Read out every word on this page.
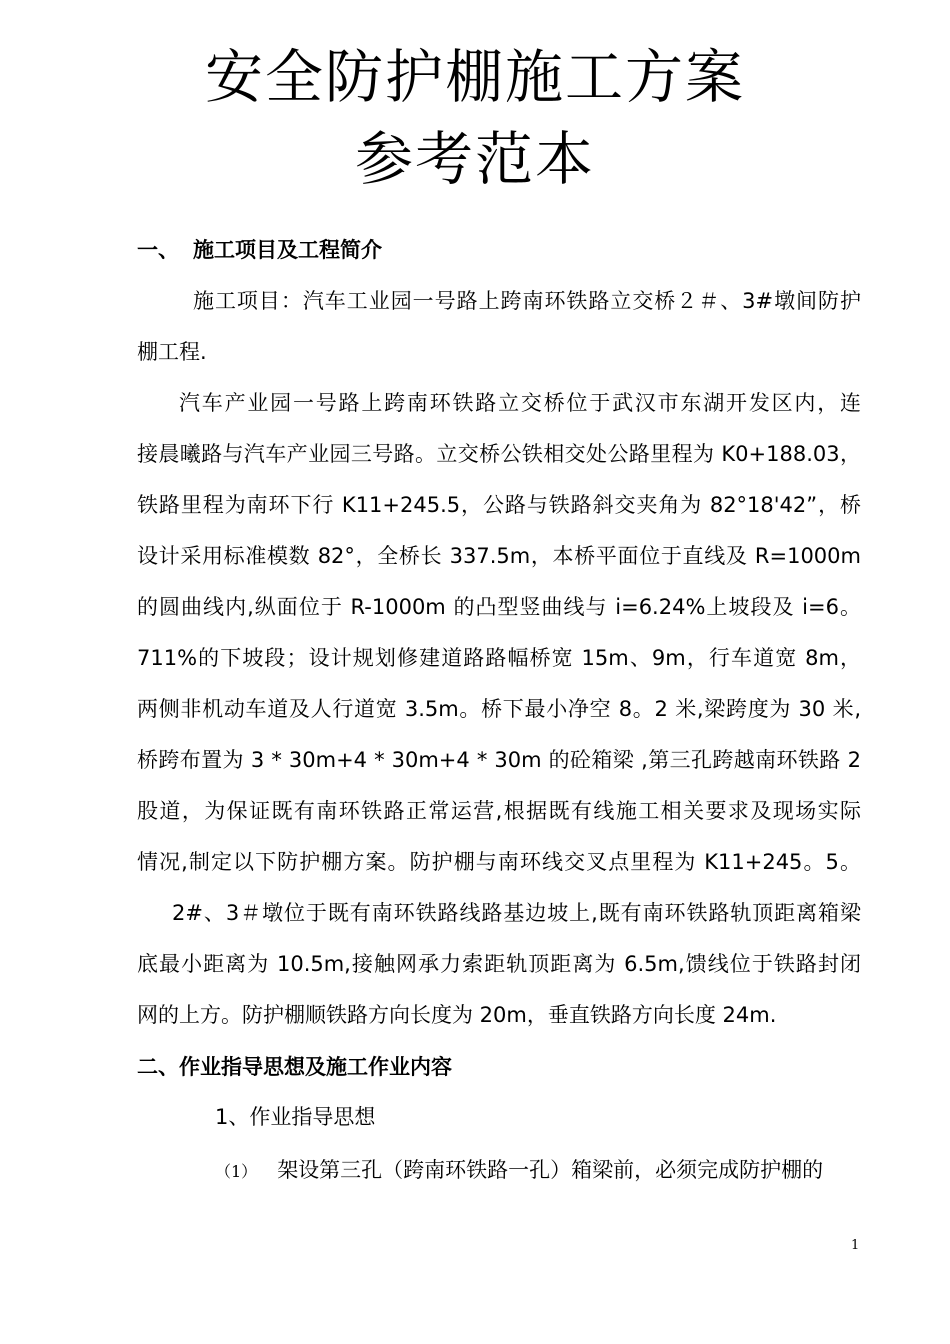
安全防护棚施工方案
参考范本
一、 施工项目及工程简介
施工项目：汽车工业园一号路上跨南环铁路立交桥２＃、3#墩间防护
棚工程.
汽车产业园一号路上跨南环铁路立交桥位于武汉市东湖开发区内，连
接晨曦路与汽车产业园三号路。立交桥公铁相交处公路里程为 K0+188.03，
铁路里程为南环下行 K11+245.5，公路与铁路斜交夹角为 82°18'42”，桥
设计采用标准模数 82°，全桥长 337.5m，本桥平面位于直线及 R=1000m
的圆曲线内,纵面位于 R-1000m 的凸型竖曲线与 i=6.24%上坡段及 i=6。
711%的下坡段；设计规划修建道路路幅桥宽 15m、9m，行车道宽 8m，
两侧非机动车道及人行道宽 3.5m。桥下最小净空 8。2 米,梁跨度为 30 米,
桥跨布置为 3 * 30m+4 * 30m+4 * 30m 的砼箱梁 ,第三孔跨越南环铁路 2
股道，为保证既有南环铁路正常运营,根据既有线施工相关要求及现场实际
情况,制定以下防护棚方案。防护棚与南环线交叉点里程为 K11+245。5。
2#、3＃墩位于既有南环铁路线路基边坡上,既有南环铁路轨顶距离箱梁
底最小距离为 10.5m,接触网承力索距轨顶距离为 6.5m,馈线位于铁路封闭
网的上方。防护棚顺铁路方向长度为 20m，垂直铁路方向长度 24m.
二、作业指导思想及施工作业内容
1、作业指导思想
（1） 架设第三孔（跨南环铁路一孔）箱梁前，必须完成防护棚的
1
